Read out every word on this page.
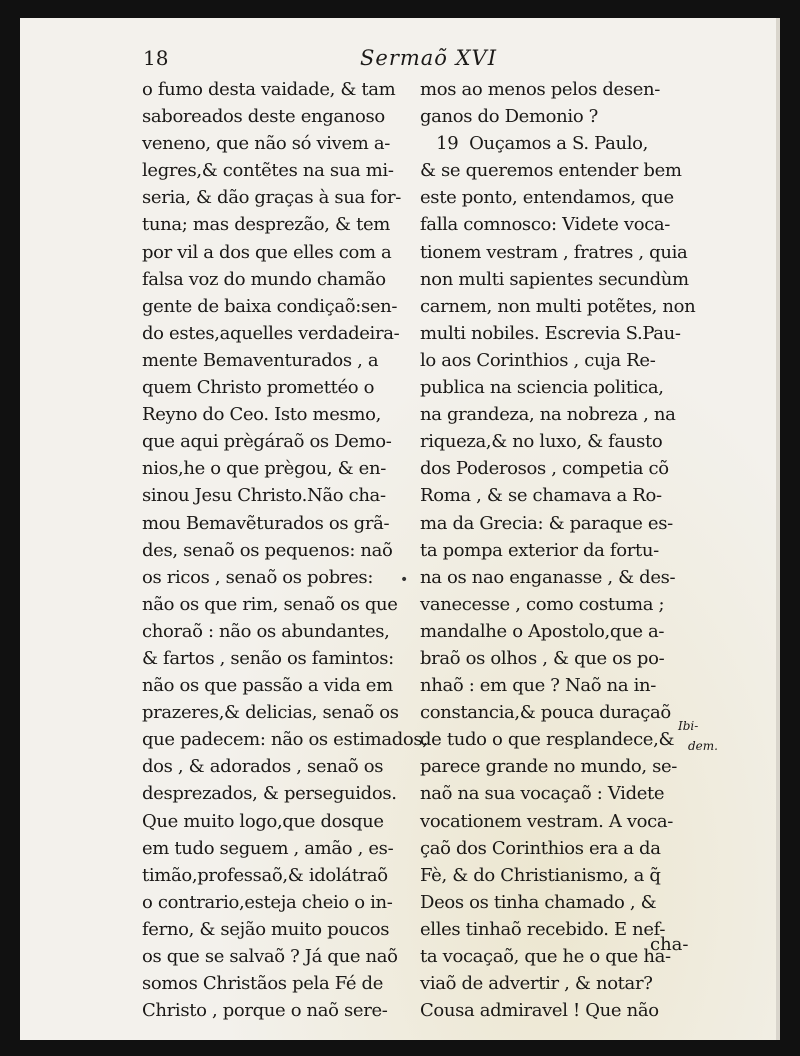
18	Sermaõ XVI
o fumo desta vaidade, & tam
saboreados deste enganoso
veneno, que não só vivem a-
legres,& contẽtes na sua mi-
seria, & dão graças à sua for-
tuna; mas desprezão, & tem
por vil a dos que elles com a
falsa voz do mundo chamão
gente de baixa condiçaõ:sen-
do estes,aquelles verdadeira-
mente Bemaventurados , a
quem Christo promettéo o
Reyno do Ceo. Isto mesmo,
que aqui prègáraõ os Demo-
nios,he o que prègou, & en-
sinou Jesu Christo.Não cha-
mou Bemavẽturados os grã-
des, senaõ os pequenos: naõ
os ricos , senaõ os pobres:
não os que rim, senaõ os que
choraõ : não os abundantes,
& fartos , senão os famintos:
não os que passão a vida em
prazeres,& delicias, senaõ os
que padecem: não os estimados,
dos , & adorados , senaõ os
desprezados, & perseguidos.
Que muito logo,que dosque
em tudo seguem , amão , es-
timão,professaõ,& idolátraõ
o contrario,esteja cheio o in-
ferno, & sejão muito poucos
os que se salvaõ ? Já que naõ
somos Christãos pela Fé de
Christo , porque o naõ sere-
mos ao menos pelos desen-
ganos do Demonio ?
19  Ouçamos a S. Paulo,
& se queremos entender bem
este ponto, entendamos, que
falla comnosco: Videte voca-
tionem vestram , fratres , quia
non multi sapientes secundùm
carnem, non multi potẽtes, non
multi nobiles. Escrevia S.Pau-
lo aos Corinthios , cuja Re-
publica na sciencia politica,
na grandeza, na nobreza , na
riqueza,& no luxo, & fausto
dos Poderosos , competia cõ
Roma , & se chamava a Ro-
ma da Grecia: & paraque es-
ta pompa exterior da fortu-
na os nao enganasse , & des-
vanecesse , como costuma ;
mandalhe o Apostolo,que a-
braõ os olhos , & que os po-
nhaõ : em que ? Naõ na in-
constancia,& pouca duraçaõ
de tudo o que resplandece,&
parece grande no mundo, se-
naõ na sua vocaçaõ : Videte
vocationem vestram. A voca-
çaõ dos Corinthios era a da
Fè, & do Christianismo, a q̃
Deos os tinha chamado , &
elles tinhaõ recebido. E nef-
ta vocaçaõ, que he o que ha-
viaõ de advertir , & notar?
Cousa admiravel ! Que não
•
Ibi-
dem.
cha-
